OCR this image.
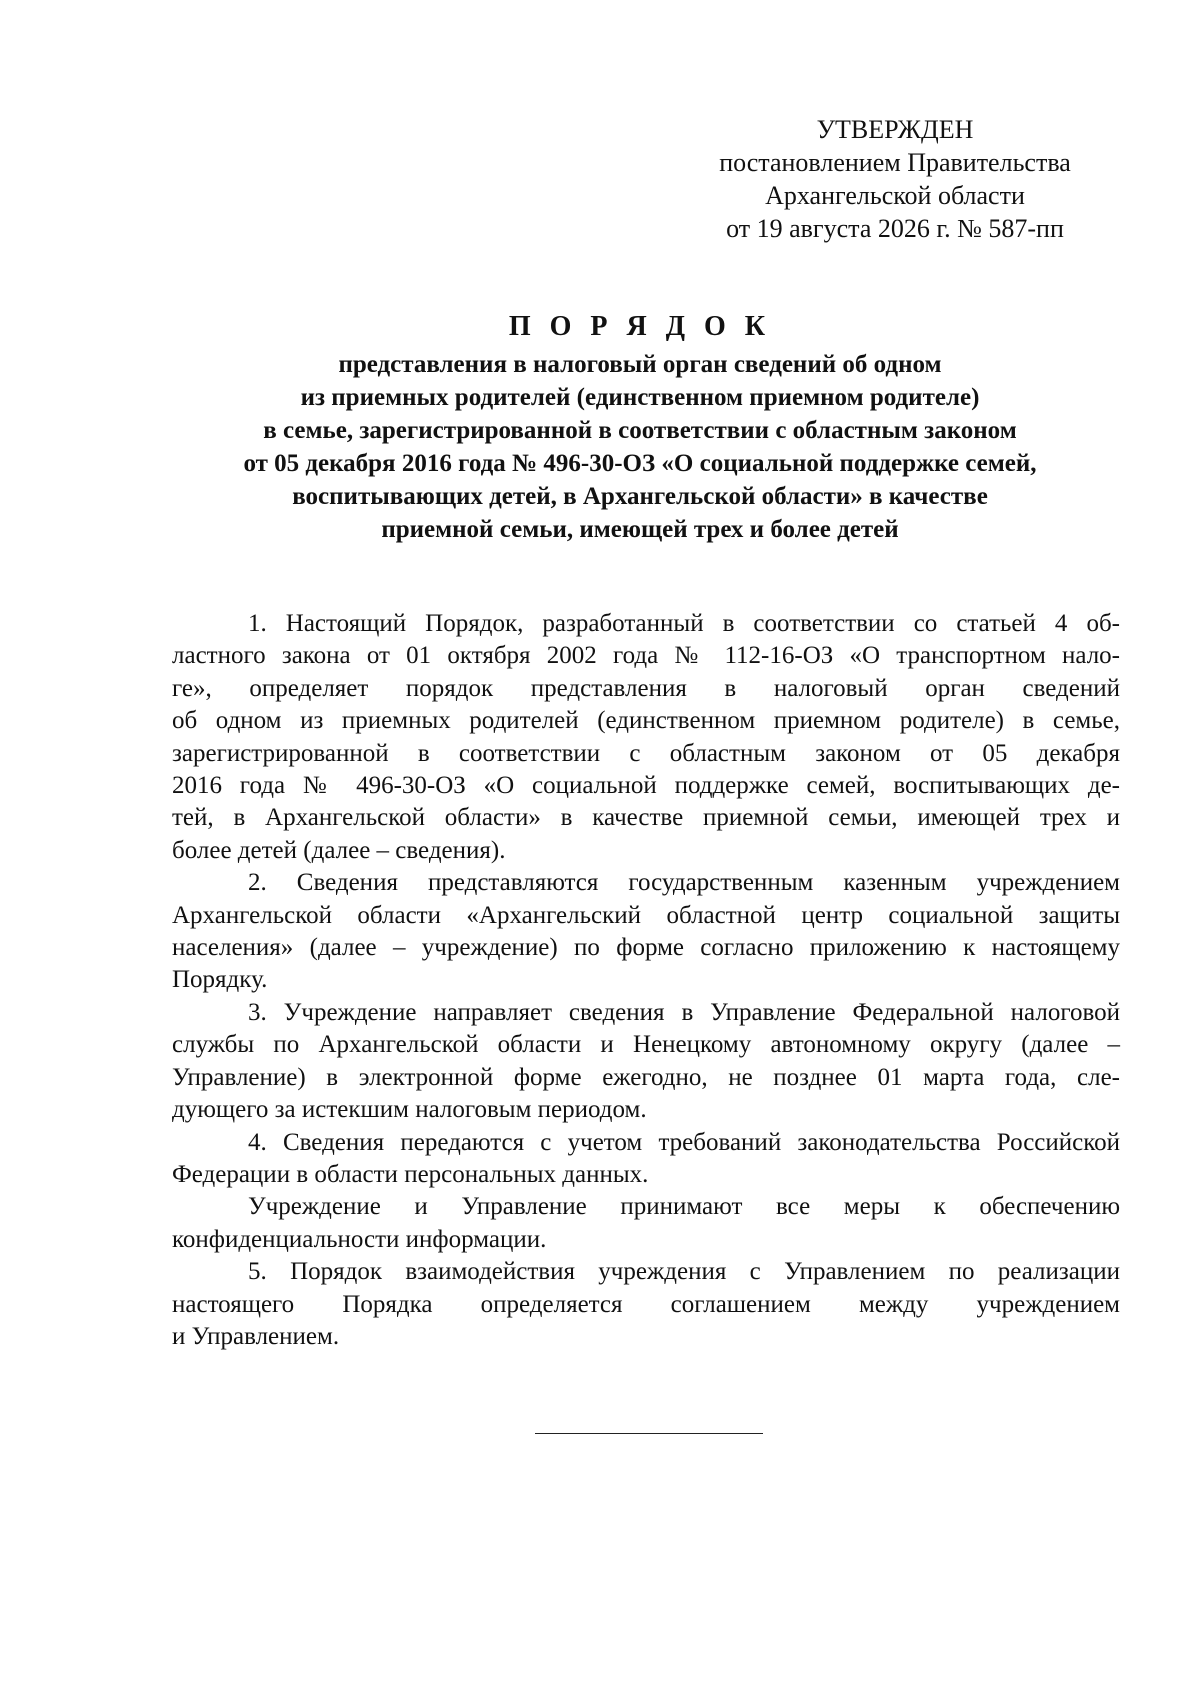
УТВЕРЖДЕН
постановлением Правительства
Архангельской области
от 19 августа 2026 г. № 587-пп
П О Р Я Д О К
представления в налоговый орган сведений об одном
из приемных родителей (единственном приемном родителе)
в семье, зарегистрированной в соответствии с областным законом
от 05 декабря 2016 года № 496-30-ОЗ «О социальной поддержке семей,
воспитывающих детей, в Архангельской области» в качестве
приемной семьи, имеющей трех и более детей
1. Настоящий Порядок, разработанный в соответствии со статьей 4 об-
ластного закона от 01 октября 2002 года № 112-16-ОЗ «О транспортном нало-
ге», определяет порядок представления в налоговый орган сведений
об одном из приемных родителей (единственном приемном родителе) в семье,
зарегистрированной в соответствии с областным законом от 05 декабря
2016 года № 496-30-ОЗ «О социальной поддержке семей, воспитывающих де-
тей, в Архангельской области» в качестве приемной семьи, имеющей трех и
более детей (далее – сведения).
2. Сведения представляются государственным казенным учреждением
Архангельской области «Архангельский областной центр социальной защиты
населения» (далее – учреждение) по форме согласно приложению к настоящему
Порядку.
3. Учреждение направляет сведения в Управление Федеральной налоговой
службы по Архангельской области и Ненецкому автономному округу (далее –
Управление) в электронной форме ежегодно, не позднее 01 марта года, сле-
дующего за истекшим налоговым периодом.
4. Сведения передаются с учетом требований законодательства Российской
Федерации в области персональных данных.
Учреждение и Управление принимают все меры к обеспечению
конфиденциальности информации.
5. Порядок взаимодействия учреждения с Управлением по реализации
настоящего Порядка определяется соглашением между учреждением
и Управлением.
